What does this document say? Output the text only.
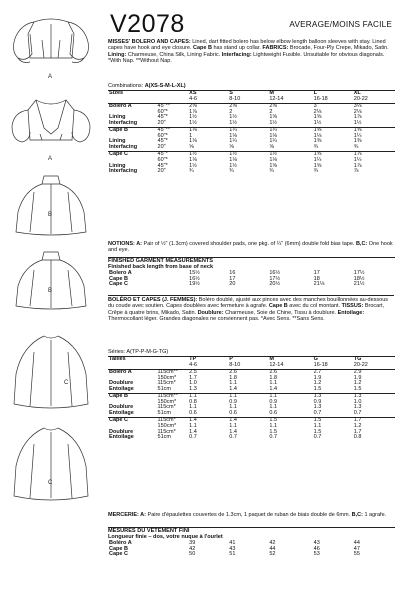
A
A
B
B
C
C
V2078	AVERAGE/MOINS FACILE
MISSES' BOLERO AND CAPES: Lined, dart fitted bolero has below elbow length balloon sleeves with stay. Lined capes have hook and eye closure. Cape B has stand up collar. FABRICS: Brocade, Four-Ply Crepe, Mikado, Satin. Lining: Charmeuse, China Silk, Lining Fabric. Interfacing: Lightweight Fusible. Unsuitable for obvious diagonals. *With Nap. **Without Nap.
Combinations: A(XS-S-M-L-XL)
Sizes		XS	S	M	L	XL
		4-6	8-10	12-14	16-18	20-22
Bolero A	45"**	2⅝	2⅝	2⅝	3	3⅛
	60"*	1⅞	2	2	2⅛	2⅛
Lining	45"*	1½	1½	1⅝	1⅝	1⅞
Interfacing	20"	1½	1½	1½	1½	1½
Cape B	45"**	1⅛	1¼	1¼	1⅜	1⅜
	60"*	1	1⅛	1⅛	1⅛	1¼
Lining	45"*	1⅛	1¼	1¼	1⅜	1⅜
Interfacing	20"	⅝	⅝	⅝	¾	¾
Cape C	45"*	1½	1½	1½	1⅝	1⅞
	60"*	1⅛	1⅛	1⅛	1¼	1¼
Lining	45"*	1½	1½	1⅝	1⅝	1⅞
Interfacing	20"	¾	¾	¾	¾	⅞
NOTIONS: A: Pair of ½" (1.3cm) covered shoulder pads, one pkg. of ¼" (6mm) double fold bias tape. B,C: One hook and eye.
FINISHED GARMENT MEASUREMENTS
Finished back length from base of neck
Bolero A		15½	16	16½	17	17½
Cape B		16½	17	17½	18	18½
Cape C		19½	20	20½	21⅛	21½
BOLÉRO ET CAPES (J. FEMMES): Boléro doublé, ajusté aux pinces avec des manches bouillonnées au-dessous du coude avec soutien. Capes doublées avec fermeture à agrafe. Cape B avec du col montant. TISSUS: Brocart, Crêpe à quatre brins, Mikado, Satin. Doublure: Charmeuse, Soie de Chine, Tissu à doublure. Entoilage: Thermocollant léger. Grandes diagonales ne conviennent pas. *Avec Sens. **Sans Sens.
Séries: A(TP-P-M-G-TG)
Tailles		TP	P	M	G	TG
		4-6	8-10	12-14	16-18	20-22
Boléro A	115cm**	2.5	2.6	2.6	2.7	2.9
	150cm*	1.7	1.8	1.8	1.9	1.9
Doublure	115cm*	1.0	1.1	1.1	1.2	1.2
Entoilage	51cm	1.3	1.4	1.4	1.5	1.5
Cape B	115cm**	1.1	1.1	1.1	1.3	1.3
	150cm*	0.8	0.9	0.9	0.9	1.0
Doublure	115cm*	1.1	1.1	1.1	1.3	1.3
Entoilage	51cm	0.6	0.6	0.6	0.7	0.7
Cape C	115cm*	1.4	1.4	1.5	1.5	1.7
	150cm*	1.1	1.1	1.1	1.1	1.2
Doublure	115cm*	1.4	1.4	1.5	1.5	1.7
Entoilage	51cm	0.7	0.7	0.7	0.7	0.8
MERCERIE: A: Paire d'épaulettes couvertes de 1.3cm, 1 paquet de ruban de biais double de 6mm. B,C: 1 agrafe.
MESURES DU VÊTEMENT FINI
Longueur finie – dos, votre nuque à l'ourlet
Boléro A		39	41	42	43	44
Cape B		42	43	44	46	47
Cape C		50	51	52	53	55
